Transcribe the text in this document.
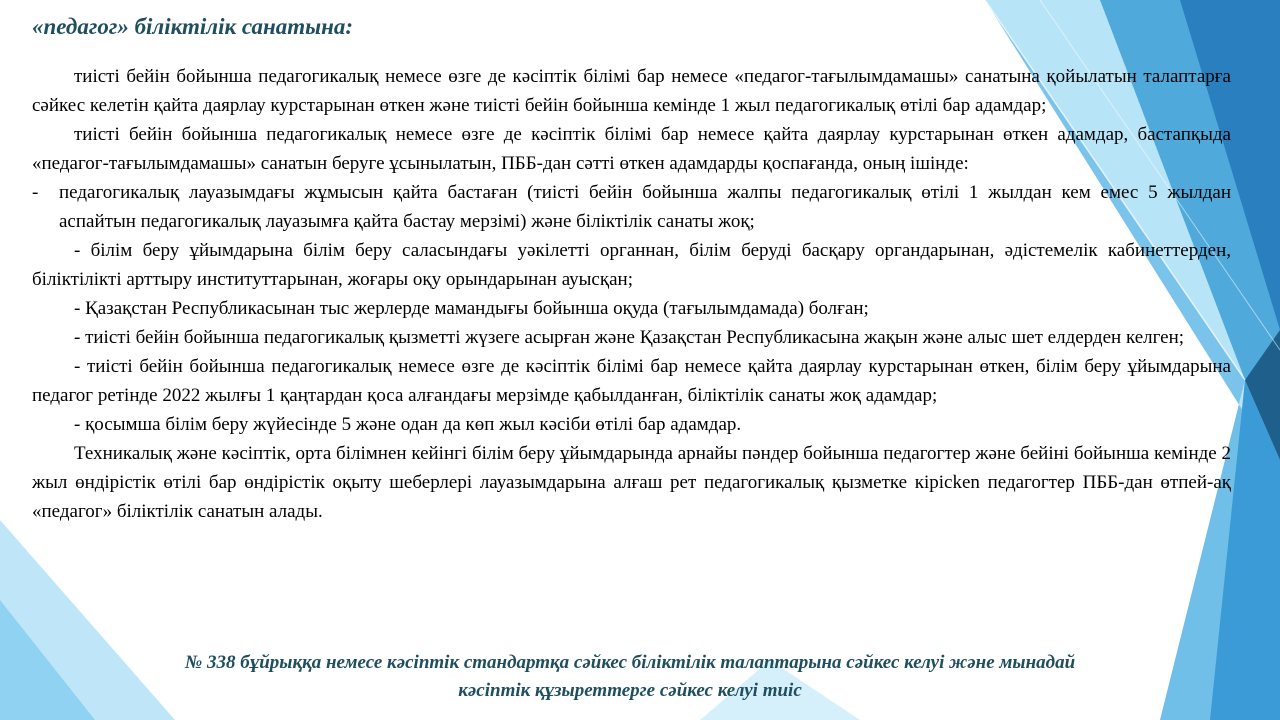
«педагог» біліктілік санатына:

тиісті бейін бойынша педагогикалық немесе өзге де кәсіптік білімі бар немесе «педагог-тағылымдамашы» санатына қойылатын талаптарға сәйкес келетін қайта даярлау курстарынан өткен және тиісті бейін бойынша кемінде 1 жыл педагогикалық өтілі бар адамдар;

тиісті бейін бойынша педагогикалық немесе өзге де кәсіптік білімі бар немесе қайта даярлау курстарынан өткен адамдар, бастапқыда «педагог-тағылымдамашы» санатын беруге ұсынылатын, ПББ-дан сәтті өткен адамдарды қоспағанда, оның ішінде:

-	педагогикалық лауазымдағы жұмысын қайта бастаған (тиісті бейін бойынша жалпы педагогикалық өтілі 1 жылдан кем емес 5 жылдан аспайтын педагогикалық лауазымға қайта бастау мерзімі) және біліктілік санаты жоқ;

- білім беру ұйымдарына білім беру саласындағы уәкілетті органнан, білім беруді басқару органдарынан, әдістемелік кабинеттерден, біліктілікті арттыру институттарынан, жоғары оқу орындарынан ауысқан;

- Қазақстан Республикасынан тыс жерлерде мамандығы бойынша оқуда (тағылымдамада) болған;

- тиісті бейін бойынша педагогикалық қызметті жүзеге асырған және Қазақстан Республикасына жақын және алыс шет елдерден келген;

- тиісті бейін бойынша педагогикалық немесе өзге де кәсіптік білімі бар немесе қайта даярлау курстарынан өткен, білім беру ұйымдарына педагог ретінде 2022 жылғы 1 қаңтардан қоса алғандағы мерзімде қабылданған, біліктілік санаты жоқ адамдар;

- қосымша білім беру жүйесінде 5 және одан да көп жыл кәсіби өтілі бар адамдар.

Техникалық және кәсіптік, орта білімнен кейінгі білім беру ұйымдарында арнайы пәндер бойынша педагогтер және бейіні бойынша кемінде 2 жыл өндірістік өтілі бар өндірістік оқыту шеберлері лауазымдарына алғаш рет педагогикалық қызметке кірісken педагогтер ПББ-дан өтпей-ақ «педагог» біліктілік санатын алады.

№ 338 бұйрыққа немесе кәсіптік стандартқа сәйкес біліктілік талаптарына сәйкес келуі және мынадай
кәсіптік құзыреттерге сәйкес келуі тиіс
